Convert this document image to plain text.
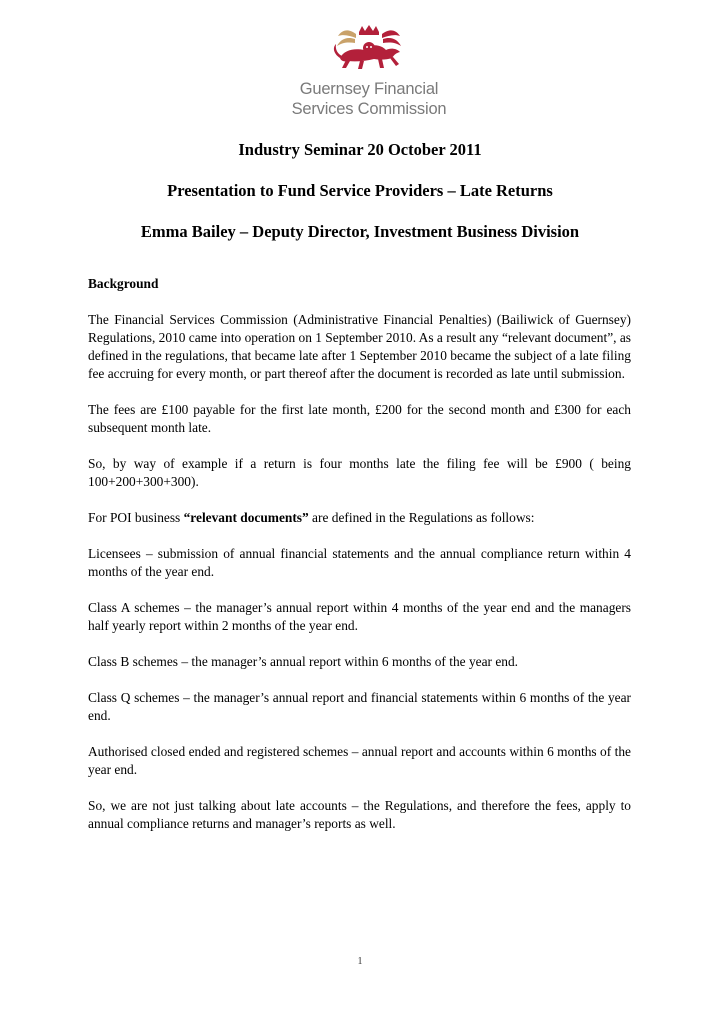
Guernsey Financial
Services Commission
Industry Seminar 20 October 2011
Presentation to Fund Service Providers – Late Returns
Emma Bailey – Deputy Director, Investment Business Division

Background

The Financial Services Commission (Administrative Financial Penalties) (Bailiwick of Guernsey) Regulations, 2010 came into operation on 1 September 2010. As a result any “relevant document”, as defined in the regulations, that became late after 1 September 2010 became the subject of a late filing fee accruing for every month, or part thereof after the document is recorded as late until submission.

The fees are £100 payable for the first late month, £200 for the second month and £300 for each subsequent month late.

So, by way of example if a return is four months late the filing fee will be £900 ( being 100+200+300+300).

For POI business “relevant documents” are defined in the Regulations as follows:

Licensees – submission of annual financial statements and the annual compliance return within 4 months of the year end.

Class A schemes – the manager’s annual report within 4 months of the year end and the managers half yearly report within 2 months of the year end.

Class B schemes – the manager’s annual report within 6 months of the year end.

Class Q schemes – the manager’s annual report and financial statements within 6 months of the year end.

Authorised closed ended and registered schemes – annual report and accounts within 6 months of the year end.

So, we are not just talking about late accounts – the Regulations, and therefore the fees, apply to annual compliance returns and manager’s reports as well.

1
